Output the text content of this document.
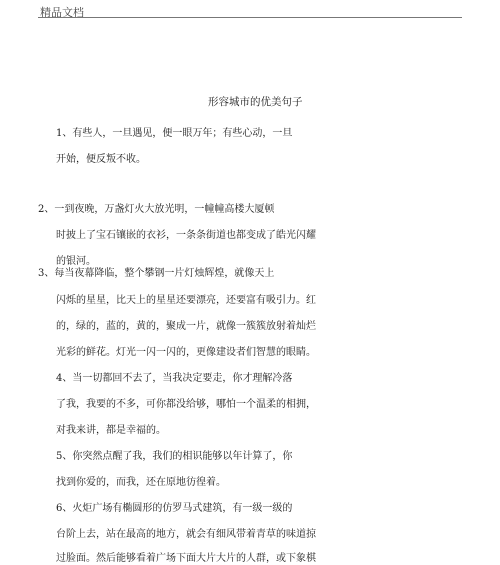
精品文档
形容城市的优美句子
1、有些人，一旦遇见，便一眼万年；有些心动，一旦
开始，便反叛不收。
2、一到夜晚，万盏灯火大放光明，一幢幢高楼大厦顿
时披上了宝石镶嵌的衣衫，一条条街道也都变成了皓光闪耀
的银河。
3、每当夜幕降临，整个攀钢一片灯烛辉煌，就像天上
闪烁的星星，比天上的星星还要漂亮，还要富有吸引力。红
的，绿的，蓝的，黄的，聚成一片，就像一簇簇放射着灿烂
光彩的鲜花。灯光一闪一闪的，更像建设者们智慧的眼睛。
4、当一切都回不去了，当我决定要走，你才理解冷落
了我，我要的不多，可你都没给够，哪怕一个温柔的相拥，
对我来讲，都是幸福的。
5、你突然点醒了我，我们的相识能够以年计算了，你
找到你爱的，而我，还在原地彷徨着。
6、火炬广场有椭圆形的仿罗马式建筑，有一级一级的
台阶上去，站在最高的地方，就会有细风带着青草的味道掠
过脸面。然后能够看着广场下面大片大片的人群，或下象棋
